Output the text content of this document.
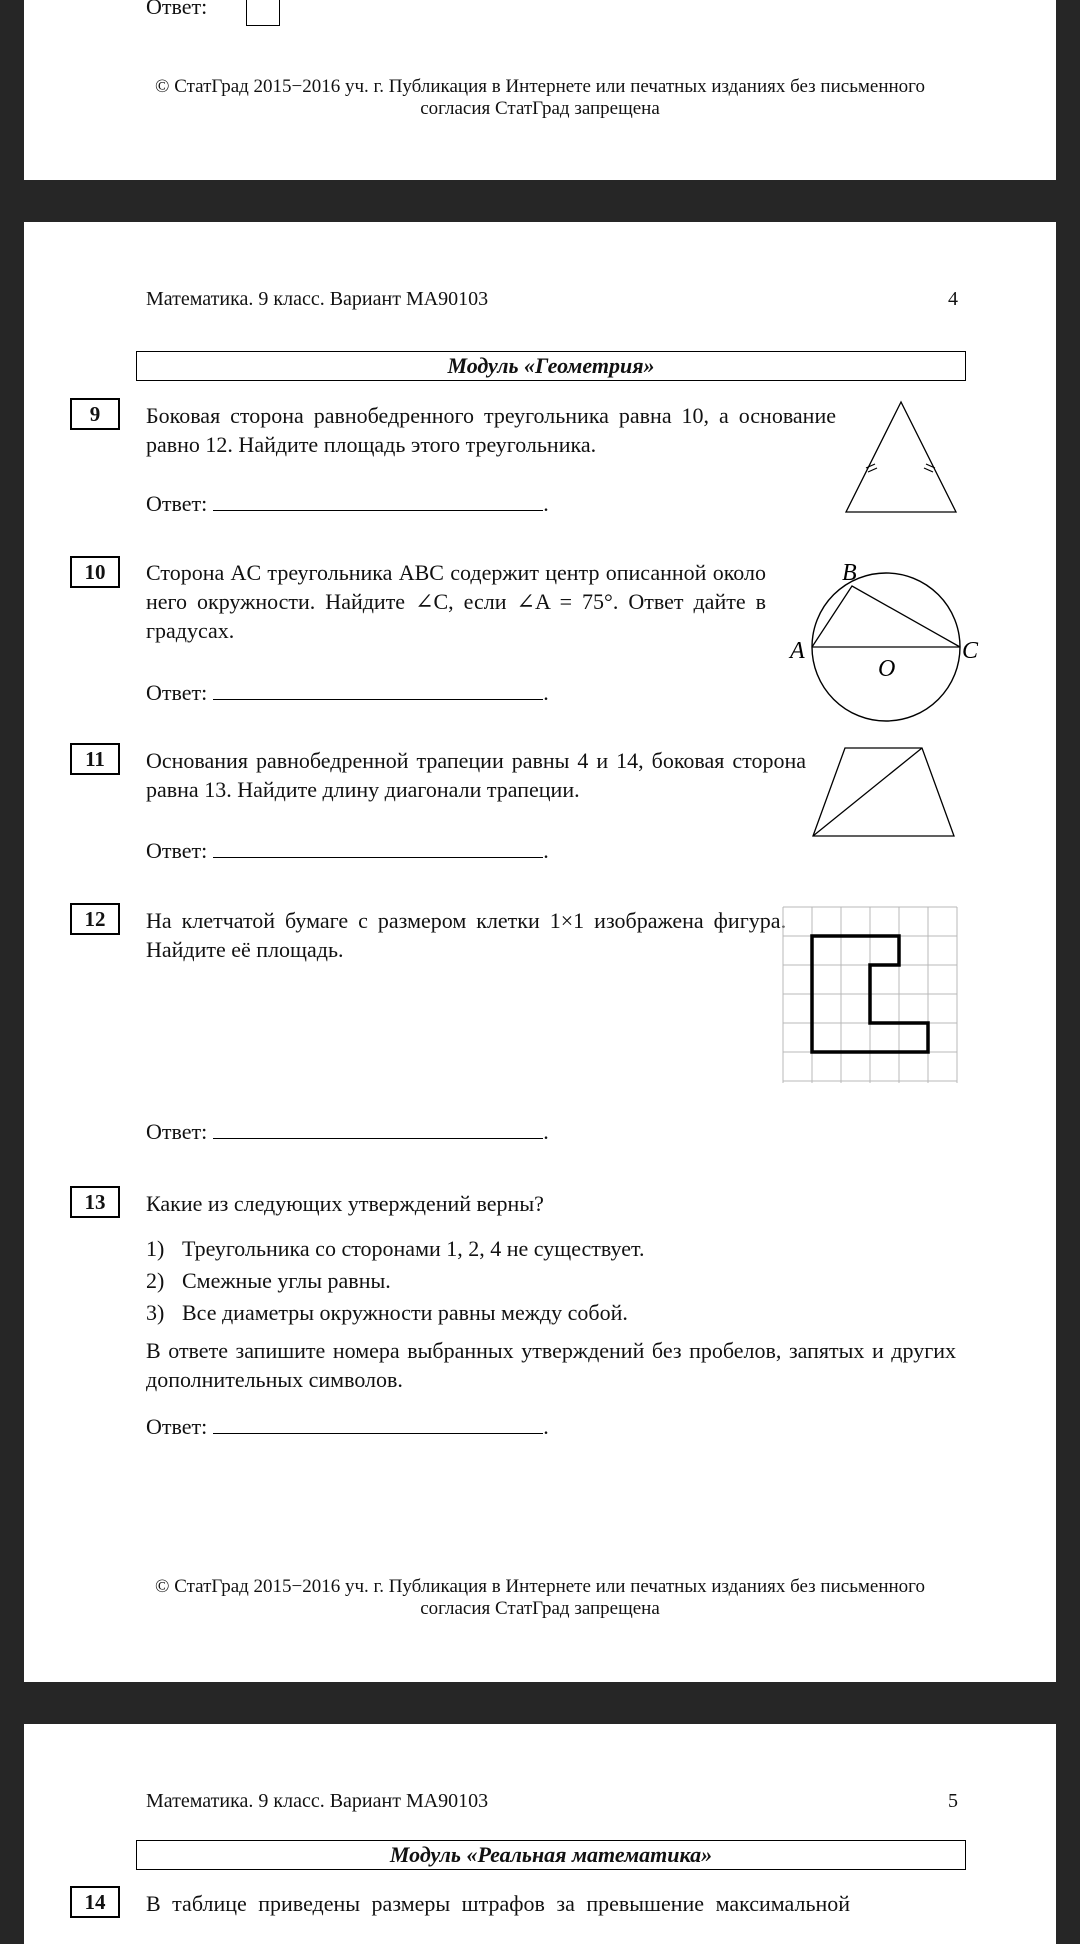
Ответ:
© СтатГрад 2015−2016 уч. г. Публикация в Интернете или печатных изданиях без письменного
согласия СтатГрад запрещена
Математика. 9 класс. Вариант МА90103	4
Модуль «Геометрия»
9	Боковая сторона равнобедренного треугольника равна 10, а основание равно 12. Найдите площадь этого треугольника.
Ответ:	.
10	Сторона AC треугольника ABC содержит центр описанной около него окружности. Найдите ∠C, если ∠A = 75°. Ответ дайте в градусах.
Ответ:	.
B
A
O
C
11	Основания равнобедренной трапеции равны 4 и 14, боковая сторона равна 13. Найдите длину диагонали трапеции.
Ответ:	.
12	На клетчатой бумаге с размером клетки 1×1 изображена фигура. Найдите её площадь.
Ответ:	.
13	Какие из следующих утверждений верны?
1) Треугольника со сторонами 1, 2, 4 не существует.
2) Смежные углы равны.
3) Все диаметры окружности равны между собой.
В ответе запишите номера выбранных утверждений без пробелов, запятых и других дополнительных символов.
Ответ:	.
© СтатГрад 2015−2016 уч. г. Публикация в Интернете или печатных изданиях без письменного
согласия СтатГрад запрещена
Математика. 9 класс. Вариант МА90103	5
Модуль «Реальная математика»
14	В таблице приведены размеры штрафов за превышение максимальной
